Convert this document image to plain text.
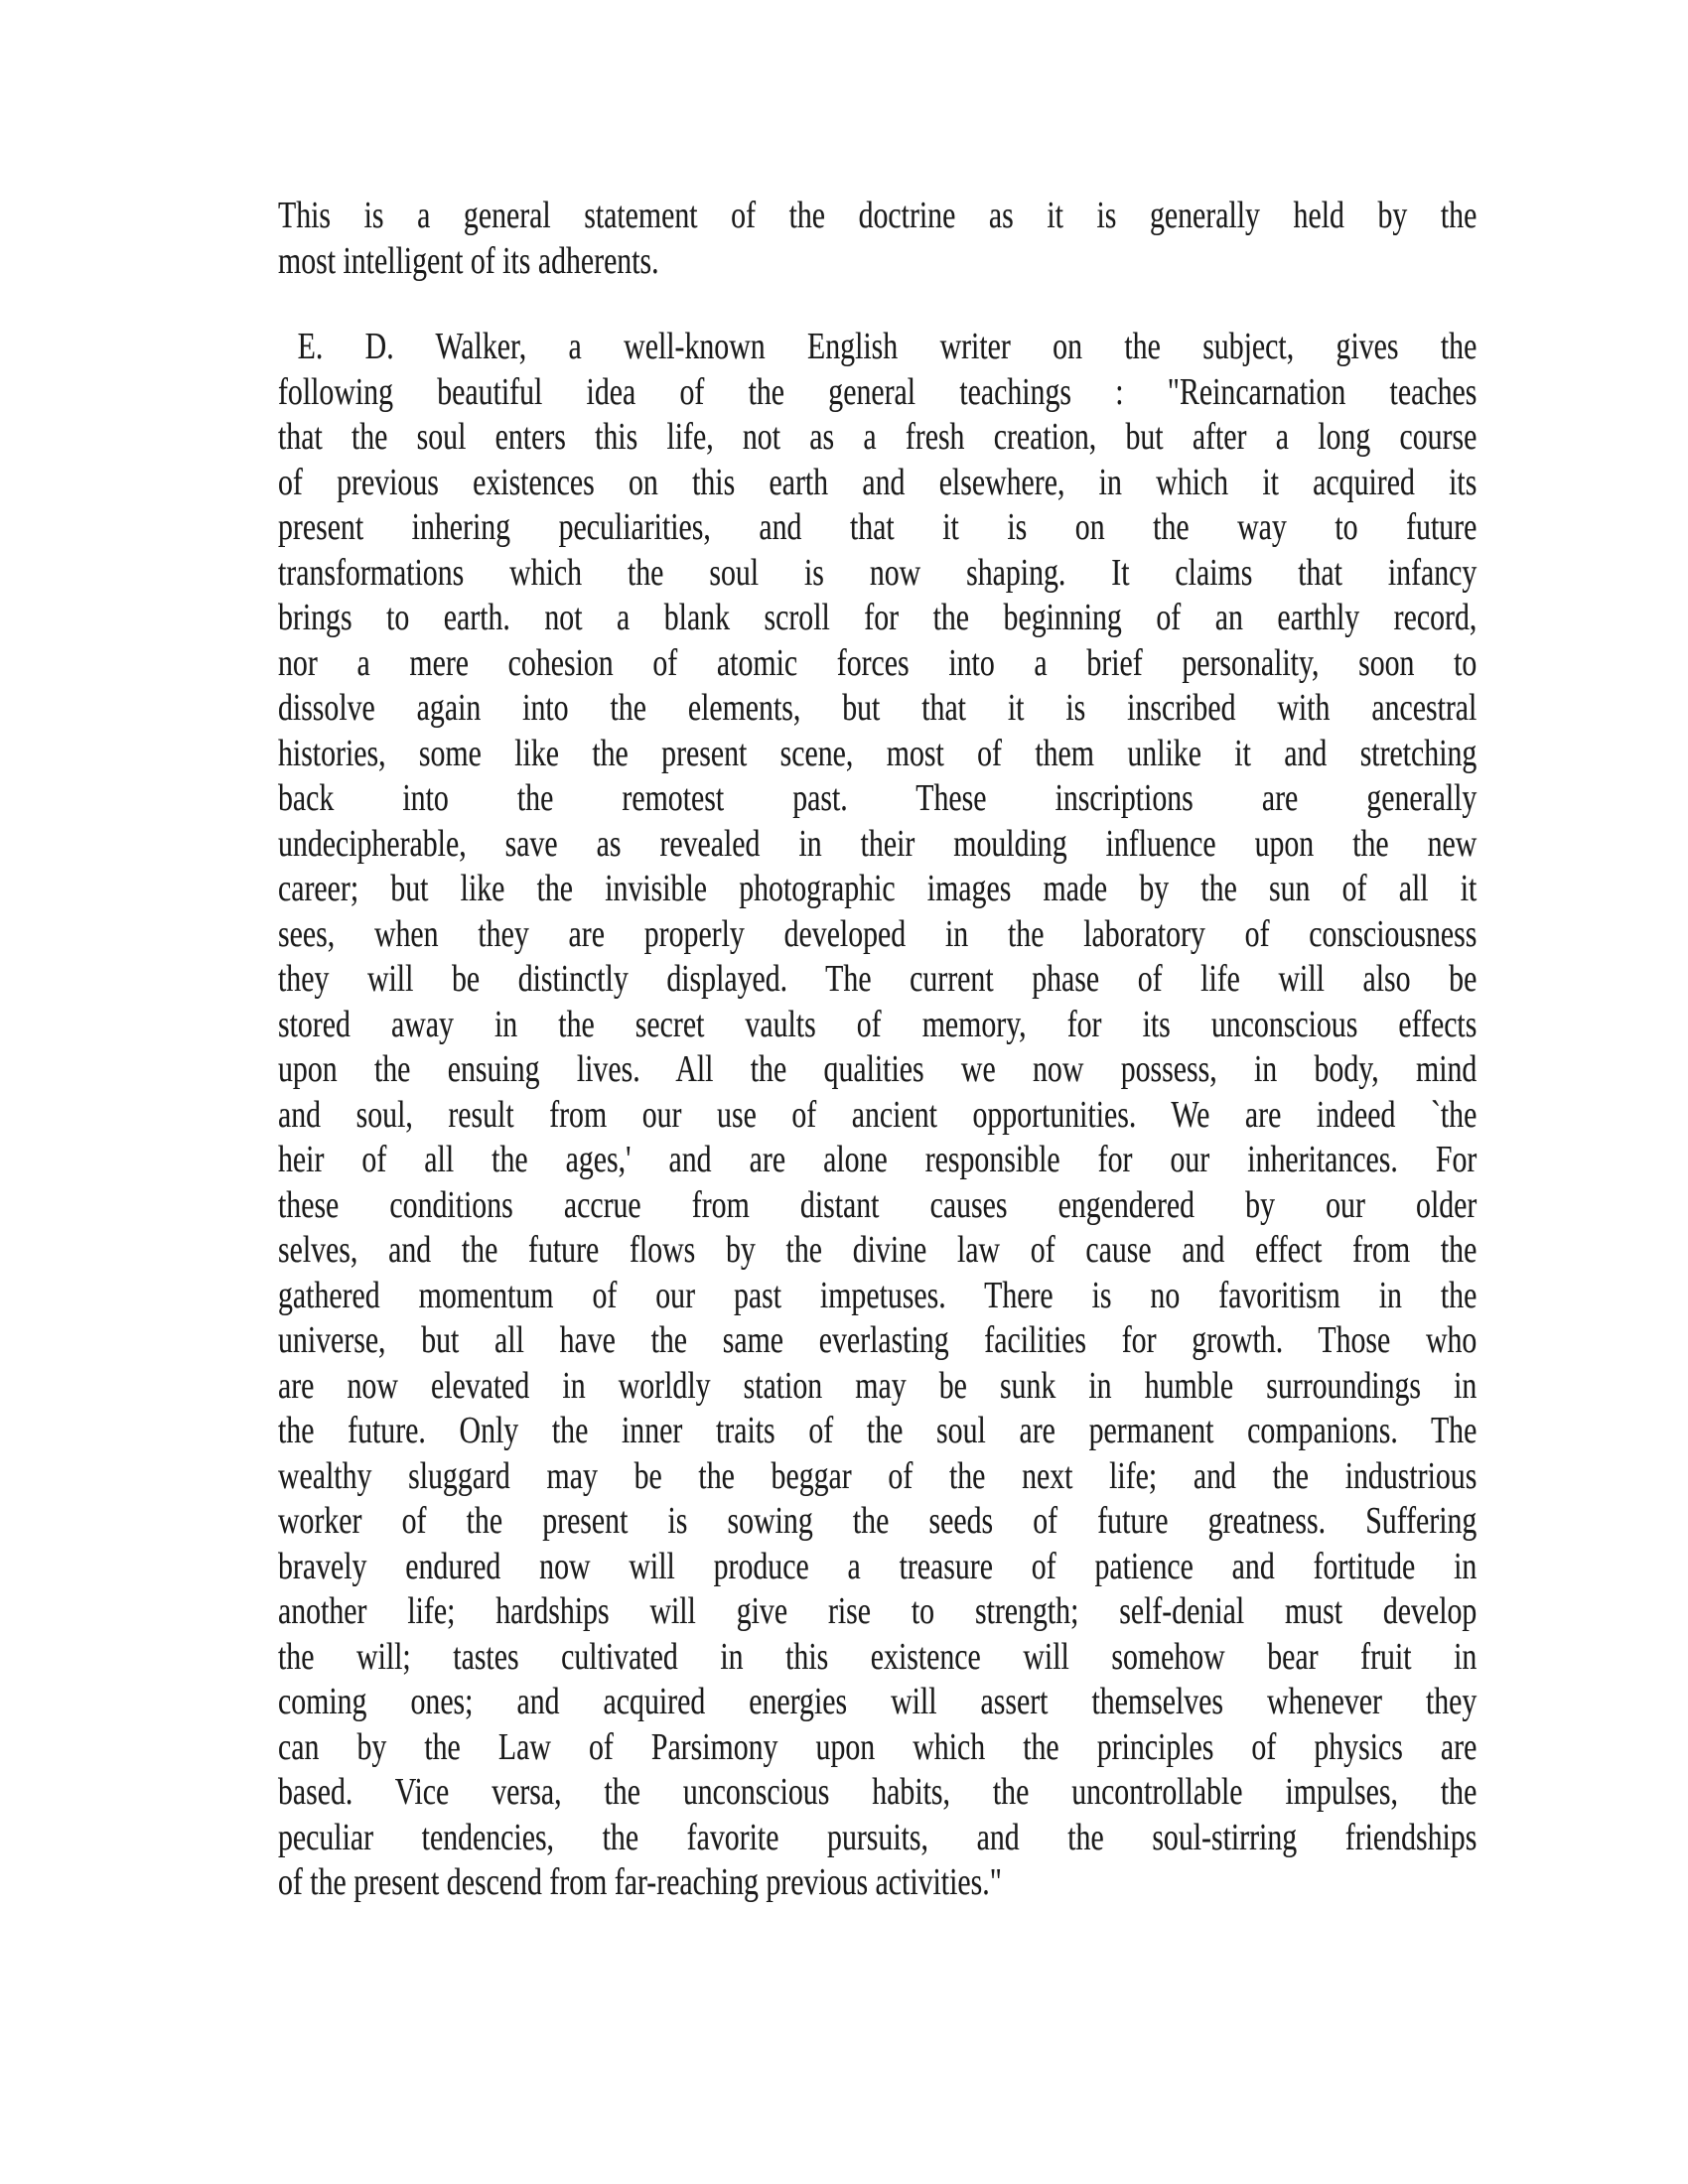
This is a general statement of the doctrine as it is generally held by the
most intelligent of its adherents.
E. D. Walker, a well-known English writer on the subject, gives the
following beautiful idea of the general teachings : "Reincarnation teaches
that the soul enters this life, not as a fresh creation, but after a long course
of previous existences on this earth and elsewhere, in which it acquired its
present inhering peculiarities, and that it is on the way to future
transformations which the soul is now shaping. It claims that infancy
brings to earth. not a blank scroll for the beginning of an earthly record,
nor a mere cohesion of atomic forces into a brief personality, soon to
dissolve again into the elements, but that it is inscribed with ancestral
histories, some like the present scene, most of them unlike it and stretching
back into the remotest past. These inscriptions are generally
undecipherable, save as revealed in their moulding influence upon the new
career; but like the invisible photographic images made by the sun of all it
sees, when they are properly developed in the laboratory of consciousness
they will be distinctly displayed. The current phase of life will also be
stored away in the secret vaults of memory, for its unconscious effects
upon the ensuing lives. All the qualities we now possess, in body, mind
and soul, result from our use of ancient opportunities. We are indeed `the
heir of all the ages,' and are alone responsible for our inheritances. For
these conditions accrue from distant causes engendered by our older
selves, and the future flows by the divine law of cause and effect from the
gathered momentum of our past impetuses. There is no favoritism in the
universe, but all have the same everlasting facilities for growth. Those who
are now elevated in worldly station may be sunk in humble surroundings in
the future. Only the inner traits of the soul are permanent companions. The
wealthy sluggard may be the beggar of the next life; and the industrious
worker of the present is sowing the seeds of future greatness. Suffering
bravely endured now will produce a treasure of patience and fortitude in
another life; hardships will give rise to strength; self-denial must develop
the will; tastes cultivated in this existence will somehow bear fruit in
coming ones; and acquired energies will assert themselves whenever they
can by the Law of Parsimony upon which the principles of physics are
based. Vice versa, the unconscious habits, the uncontrollable impulses, the
peculiar tendencies, the favorite pursuits, and the soul-stirring friendships
of the present descend from far-reaching previous activities."
